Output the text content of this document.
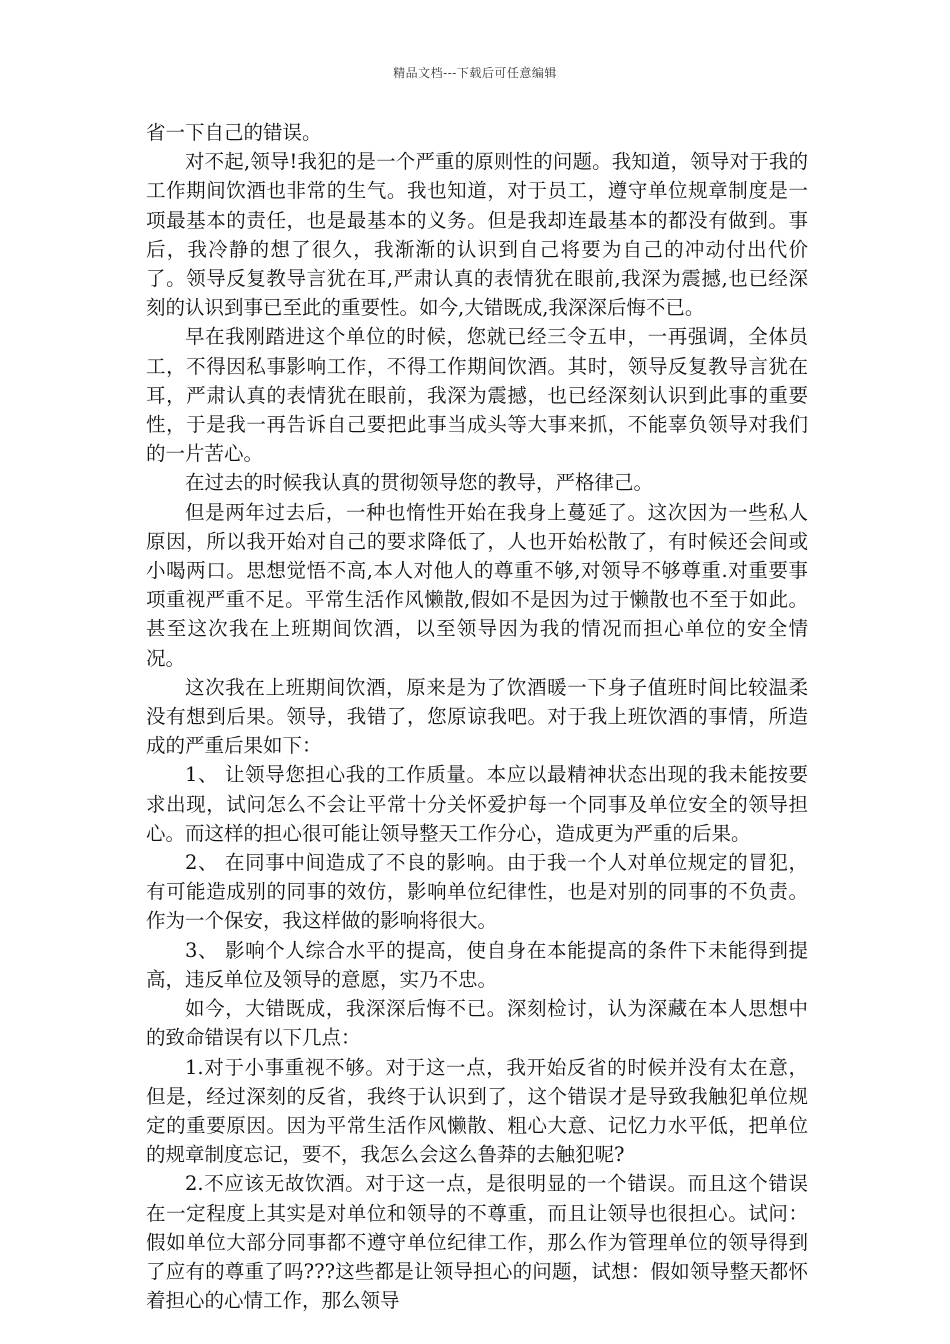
精品文档---下载后可任意编辑

省一下自己的错误。

对不起,领导!我犯的是一个严重的原则性的问题。我知道，领导对于我的工作期间饮酒也非常的生气。我也知道，对于员工，遵守单位规章制度是一项最基本的责任，也是最基本的义务。但是我却连最基本的都没有做到。事后，我冷静的想了很久，我渐渐的认识到自己将要为自己的冲动付出代价了。领导反复教导言犹在耳,严肃认真的表情犹在眼前,我深为震撼,也已经深刻的认识到事已至此的重要性。如今,大错既成,我深深后悔不已。

早在我刚踏进这个单位的时候，您就已经三令五申，一再强调，全体员工，不得因私事影响工作，不得工作期间饮酒。其时，领导反复教导言犹在耳，严肃认真的表情犹在眼前，我深为震撼，也已经深刻认识到此事的重要性，于是我一再告诉自己要把此事当成头等大事来抓，不能辜负领导对我们的一片苦心。

在过去的时候我认真的贯彻领导您的教导，严格律己。

但是两年过去后，一种也惰性开始在我身上蔓延了。这次因为一些私人原因，所以我开始对自己的要求降低了，人也开始松散了，有时候还会间或小喝两口。思想觉悟不高,本人对他人的尊重不够,对领导不够尊重.对重要事项重视严重不足。平常生活作风懒散,假如不是因为过于懒散也不至于如此。甚至这次我在上班期间饮酒，以至领导因为我的情况而担心单位的安全情况。

这次我在上班期间饮酒，原来是为了饮酒暖一下身子值班时间比较温柔没有想到后果。领导，我错了，您原谅我吧。对于我上班饮酒的事情，所造成的严重后果如下：

1、 让领导您担心我的工作质量。本应以最精神状态出现的我未能按要求出现，试问怎么不会让平常十分关怀爱护每一个同事及单位安全的领导担心。而这样的担心很可能让领导整天工作分心，造成更为严重的后果。

2、 在同事中间造成了不良的影响。由于我一个人对单位规定的冒犯，有可能造成别的同事的效仿，影响单位纪律性，也是对别的同事的不负责。 作为一个保安，我这样做的影响将很大。

3、 影响个人综合水平的提高，使自身在本能提高的条件下未能得到提高，违反单位及领导的意愿，实乃不忠。

如今，大错既成，我深深后悔不已。深刻检讨，认为深藏在本人思想中的致命错误有以下几点：

1.对于小事重视不够。对于这一点，我开始反省的时候并没有太在意，但是，经过深刻的反省，我终于认识到了，这个错误才是导致我触犯单位规定的重要原因。因为平常生活作风懒散、粗心大意、记忆力水平低，把单位的规章制度忘记，要不，我怎么会这么鲁莽的去触犯呢?

2.不应该无故饮酒。对于这一点，是很明显的一个错误。而且这个错误在一定程度上其实是对单位和领导的不尊重，而且让领导也很担心。试问：假如单位大部分同事都不遵守单位纪律工作，那么作为管理单位的领导得到了应有的尊重了吗???这些都是让领导担心的问题，试想：假如领导整天都怀着担心的心情工作，那么领导
